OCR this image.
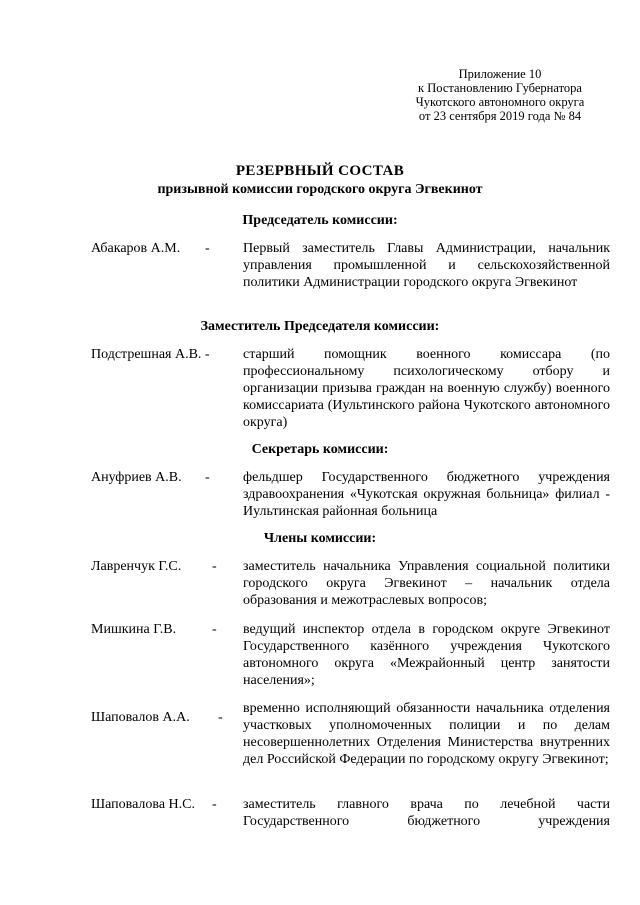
Приложение 10
к Постановлению Губернатора
Чукотского автономного округа
от 23 сентября 2019 года № 84
РЕЗЕРВНЫЙ СОСТАВ
призывной комиссии городского округа Эгвекинот
Председатель комиссии:
Абакаров А.М. - Первый заместитель Главы Администрации, начальник управления промышленной и сельскохозяйственной политики Администрации городского округа Эгвекинот
Заместитель Председателя комиссии:
Подстрешная А.В. - старший помощник военного комиссара (по профессиональному психологическому отбору и организации призыва граждан на военную службу) военного комиссариата (Иультинского района Чукотского автономного округа)
Секретарь комиссии:
Ануфриев А.В. - фельдшер Государственного бюджетного учреждения здравоохранения «Чукотская окружная больница» филиал - Иультинская районная больница
Члены комиссии:
Лавренчук Г.С. - заместитель начальника Управления социальной политики городского округа Эгвекинот – начальник отдела образования и межотраслевых вопросов;
Мишкина Г.В.	- ведущий инспектор отдела в городском округе Эгвекинот Государственного казённого учреждения Чукотского автономного округа «Межрайонный центр занятости населения»;
Шаповалов А.А. -
временно исполняющий обязанности начальника отделения участковых уполномоченных полиции и по делам несовершеннолетних Отделения Министерства внутренних дел Российской Федерации по городскому округу Эгвекинот;
Шаповалова Н.С. - заместитель главного врача по лечебной части Государственного бюджетного учреждения
